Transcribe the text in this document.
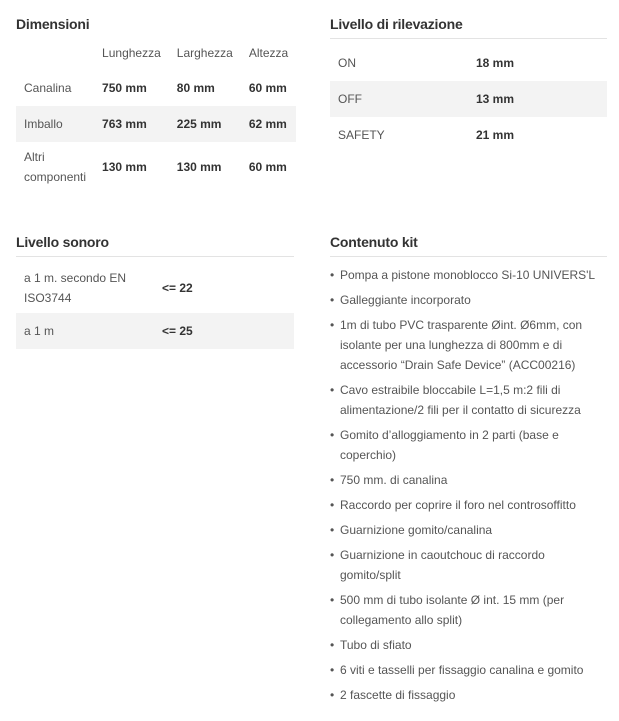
Dimensioni
	Lunghezza	Larghezza	Altezza
Canalina	750 mm	80 mm	60 mm
Imballo	763 mm	225 mm	62 mm
Altri componenti	130 mm	130 mm	60 mm
Livello di rilevazione
ON	18 mm
OFF	13 mm
SAFETY	21 mm
Livello sonoro
a 1 m. secondo EN ISO3744	<= 22
a 1 m	<= 25
Contenuto kit
• Pompa a pistone monoblocco Si-10 UNIVERS'L
• Galleggiante incorporato
• 1m di tubo PVC trasparente Øint. Ø6mm, con isolante per una lunghezza di 800mm e di accessorio “Drain Safe Device” (ACC00216)
• Cavo estraibile bloccabile L=1,5 m:2 fili di alimentazione/2 fili per il contatto di sicurezza
• Gomito d’alloggiamento in 2 parti (base e coperchio)
• 750 mm. di canalina
• Raccordo per coprire il foro nel controsoffitto
• Guarnizione gomito/canalina
• Guarnizione in caoutchouc di raccordo gomito/split
• 500 mm di tubo isolante Ø int. 15 mm (per collegamento allo split)
• Tubo di sfiato
• 6 viti e tasselli per fissaggio canalina e gomito
• 2 fascette di fissaggio
